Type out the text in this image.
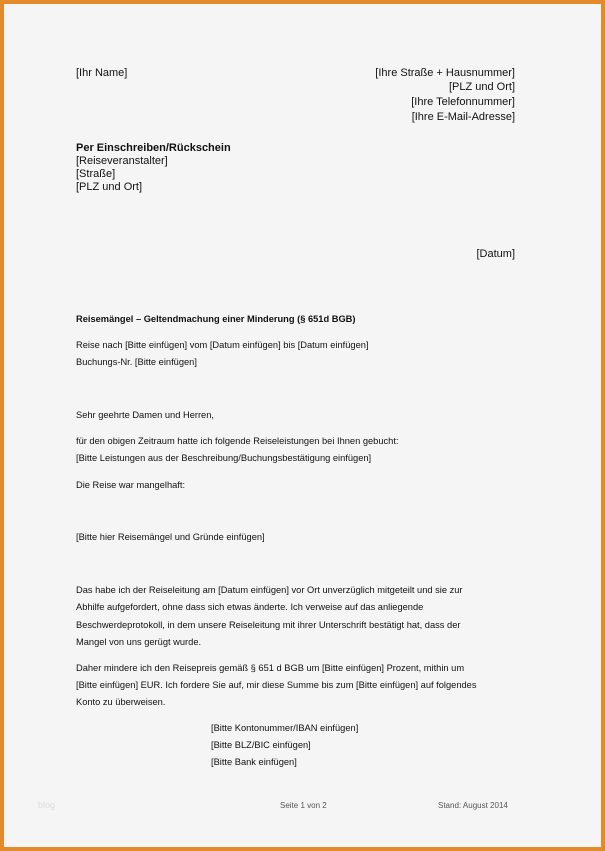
[Ihr Name]	[Ihre Straße + Hausnummer]
[PLZ und Ort]
[Ihre Telefonnummer]
[Ihre E-Mail-Adresse]
Per Einschreiben/Rückschein
[Reiseveranstalter]
[Straße]
[PLZ und Ort]
[Datum]
Reisemängel – Geltendmachung einer Minderung (§ 651d BGB)
Reise nach [Bitte einfügen] vom [Datum einfügen] bis [Datum einfügen]
Buchungs-Nr. [Bitte einfügen]
Sehr geehrte Damen und Herren,
für den obigen Zeitraum hatte ich folgende Reiseleistungen bei Ihnen gebucht:
[Bitte Leistungen aus der Beschreibung/Buchungsbestätigung einfügen]
Die Reise war mangelhaft:
[Bitte hier Reisemängel und Gründe einfügen]
Das habe ich der Reiseleitung am [Datum einfügen] vor Ort unverzüglich mitgeteilt und sie zur
Abhilfe aufgefordert, ohne dass sich etwas änderte. Ich verweise auf das anliegende
Beschwerdeprotokoll, in dem unsere Reiseleitung mit ihrer Unterschrift bestätigt hat, dass der
Mangel von uns gerügt wurde.
Daher mindere ich den Reisepreis gemäß § 651 d BGB um [Bitte einfügen] Prozent, mithin um
[Bitte einfügen] EUR. Ich fordere Sie auf, mir diese Summe bis zum [Bitte einfügen] auf folgendes
Konto zu überweisen.
[Bitte Kontonummer/IBAN einfügen]
[Bitte BLZ/BIC einfügen]
[Bitte Bank einfügen]
blog	Seite 1 von 2	Stand: August 2014
